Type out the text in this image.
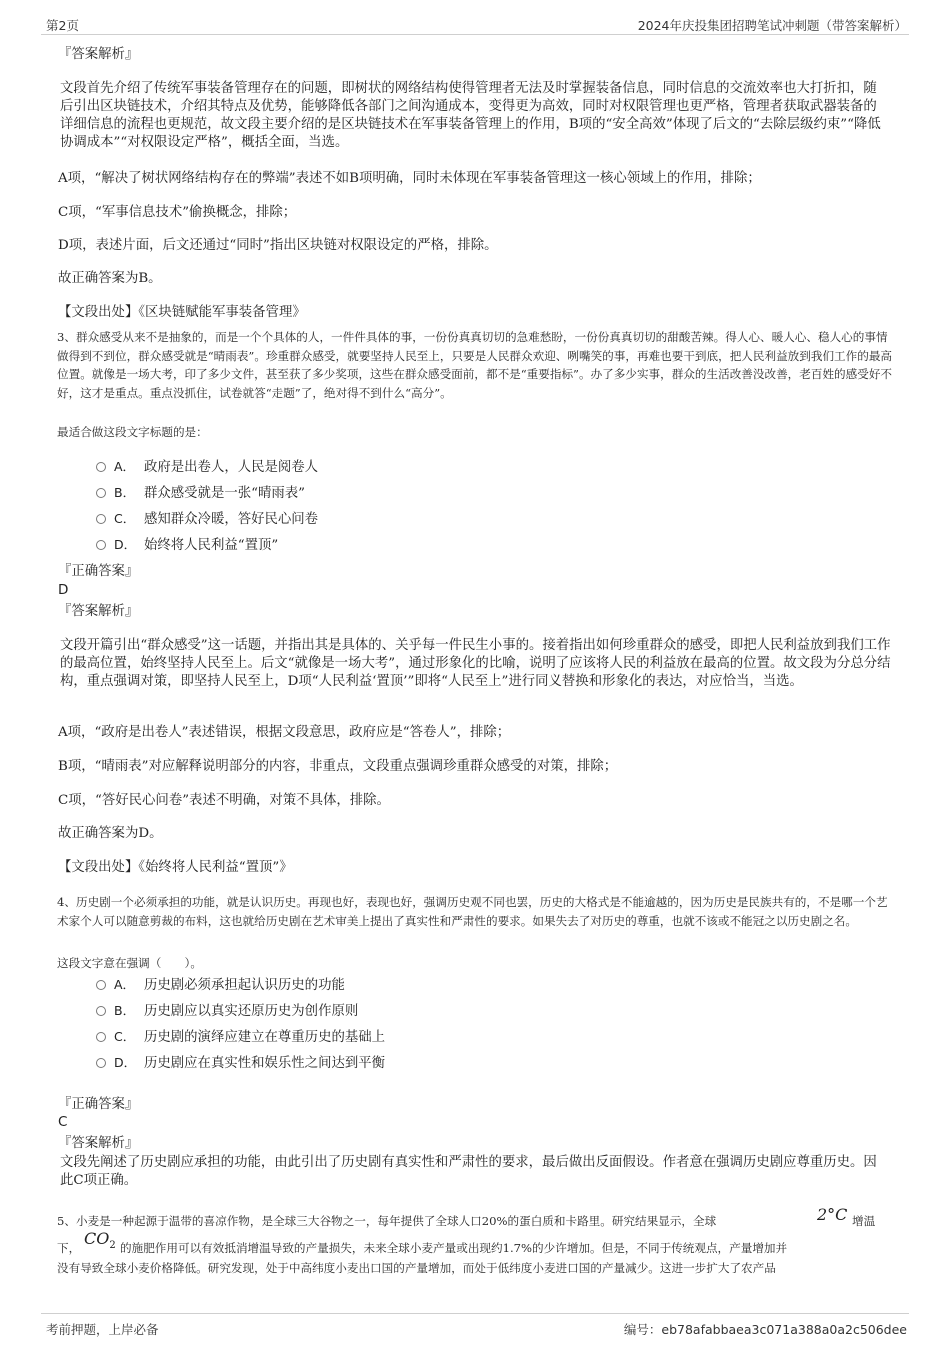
第2页	2024年庆投集团招聘笔试冲刺题（带答案解析）
『答案解析』
文段首先介绍了传统军事装备管理存在的问题，即树状的网络结构使得管理者无法及时掌握装备信息，同时信息的交流效率也大打折扣，随后引出区块链技术，介绍其特点及优势，能够降低各部门之间沟通成本，变得更为高效，同时对权限管理也更严格，管理者获取武器装备的详细信息的流程也更规范，故文段主要介绍的是区块链技术在军事装备管理上的作用，B项的“安全高效”体现了后文的“去除层级约束”“降低协调成本”“对权限设定严格”，概括全面，当选。
A项，“解决了树状网络结构存在的弊端”表述不如B项明确，同时未体现在军事装备管理这一核心领域上的作用，排除；
C项，“军事信息技术”偷换概念，排除；
D项，表述片面，后文还通过“同时”指出区块链对权限设定的严格，排除。
故正确答案为B。
【文段出处】《区块链赋能军事装备管理》
3、群众感受从来不是抽象的，而是一个个具体的人，一件件具体的事，一份份真真切切的急难愁盼，一份份真真切切的甜酸苦辣。得人心、暖人心、稳人心的事情做得到不到位，群众感受就是“晴雨表”。珍重群众感受，就要坚持人民至上，只要是人民群众欢迎、咧嘴笑的事，再难也要干到底，把人民利益放到我们工作的最高位置。就像是一场大考，印了多少文件，甚至获了多少奖项，这些在群众感受面前，都不是“重要指标”。办了多少实事，群众的生活改善没改善，老百姓的感受好不好，这才是重点。重点没抓住，试卷就答“走题”了，绝对得不到什么“高分”。
最适合做这段文字标题的是：
A． 政府是出卷人，人民是阅卷人
B． 群众感受就是一张“晴雨表”
C． 感知群众冷暖，答好民心问卷
D． 始终将人民利益“置顶”
『正确答案』
D
『答案解析』
文段开篇引出“群众感受”这一话题，并指出其是具体的、关乎每一件民生小事的。接着指出如何珍重群众的感受，即把人民利益放到我们工作的最高位置，始终坚持人民至上。后文“就像是一场大考”，通过形象化的比喻，说明了应该将人民的利益放在最高的位置。故文段为分总分结构，重点强调对策，即坚持人民至上，D项“人民利益‘置顶’”即将“人民至上”进行同义替换和形象化的表达，对应恰当，当选。
A项，“政府是出卷人”表述错误，根据文段意思，政府应是“答卷人”，排除；
B项，“晴雨表”对应解释说明部分的内容，非重点，文段重点强调珍重群众感受的对策，排除；
C项，“答好民心问卷”表述不明确，对策不具体，排除。
故正确答案为D。
【文段出处】《始终将人民利益“置顶”》
4、历史剧一个必须承担的功能，就是认识历史。再现也好，表现也好，强调历史观不同也罢，历史的大格式是不能逾越的，因为历史是民族共有的，不是哪一个艺术家个人可以随意剪裁的布料，这也就给历史剧在艺术审美上提出了真实性和严肃性的要求。如果失去了对历史的尊重，也就不该或不能冠之以历史剧之名。
这段文字意在强调（　　）。
A． 历史剧必须承担起认识历史的功能
B． 历史剧应以真实还原历史为创作原则
C． 历史剧的演绎应建立在尊重历史的基础上
D． 历史剧应在真实性和娱乐性之间达到平衡
『正确答案』
C
『答案解析』
文段先阐述了历史剧应承担的功能，由此引出了历史剧有真实性和严肃性的要求，最后做出反面假设。作者意在强调历史剧应尊重历史。因此C项正确。
5、小麦是一种起源于温带的喜凉作物，是全球三大谷物之一，每年提供了全球人口20%的蛋白质和卡路里。研究结果显示，全球	2°C 增温
下， $CO_2$ 的施肥作用可以有效抵消增温导致的产量损失，未来全球小麦产量或出现约1.7%的少许增加。但是，不同于传统观点，产量增加并
没有导致全球小麦价格降低。研究发现，处于中高纬度小麦出口国的产量增加，而处于低纬度小麦进口国的产量减少。这进一步扩大了农产品
考前押题，上岸必备	编号：eb78afabbaea3c071a388a0a2c506dee
